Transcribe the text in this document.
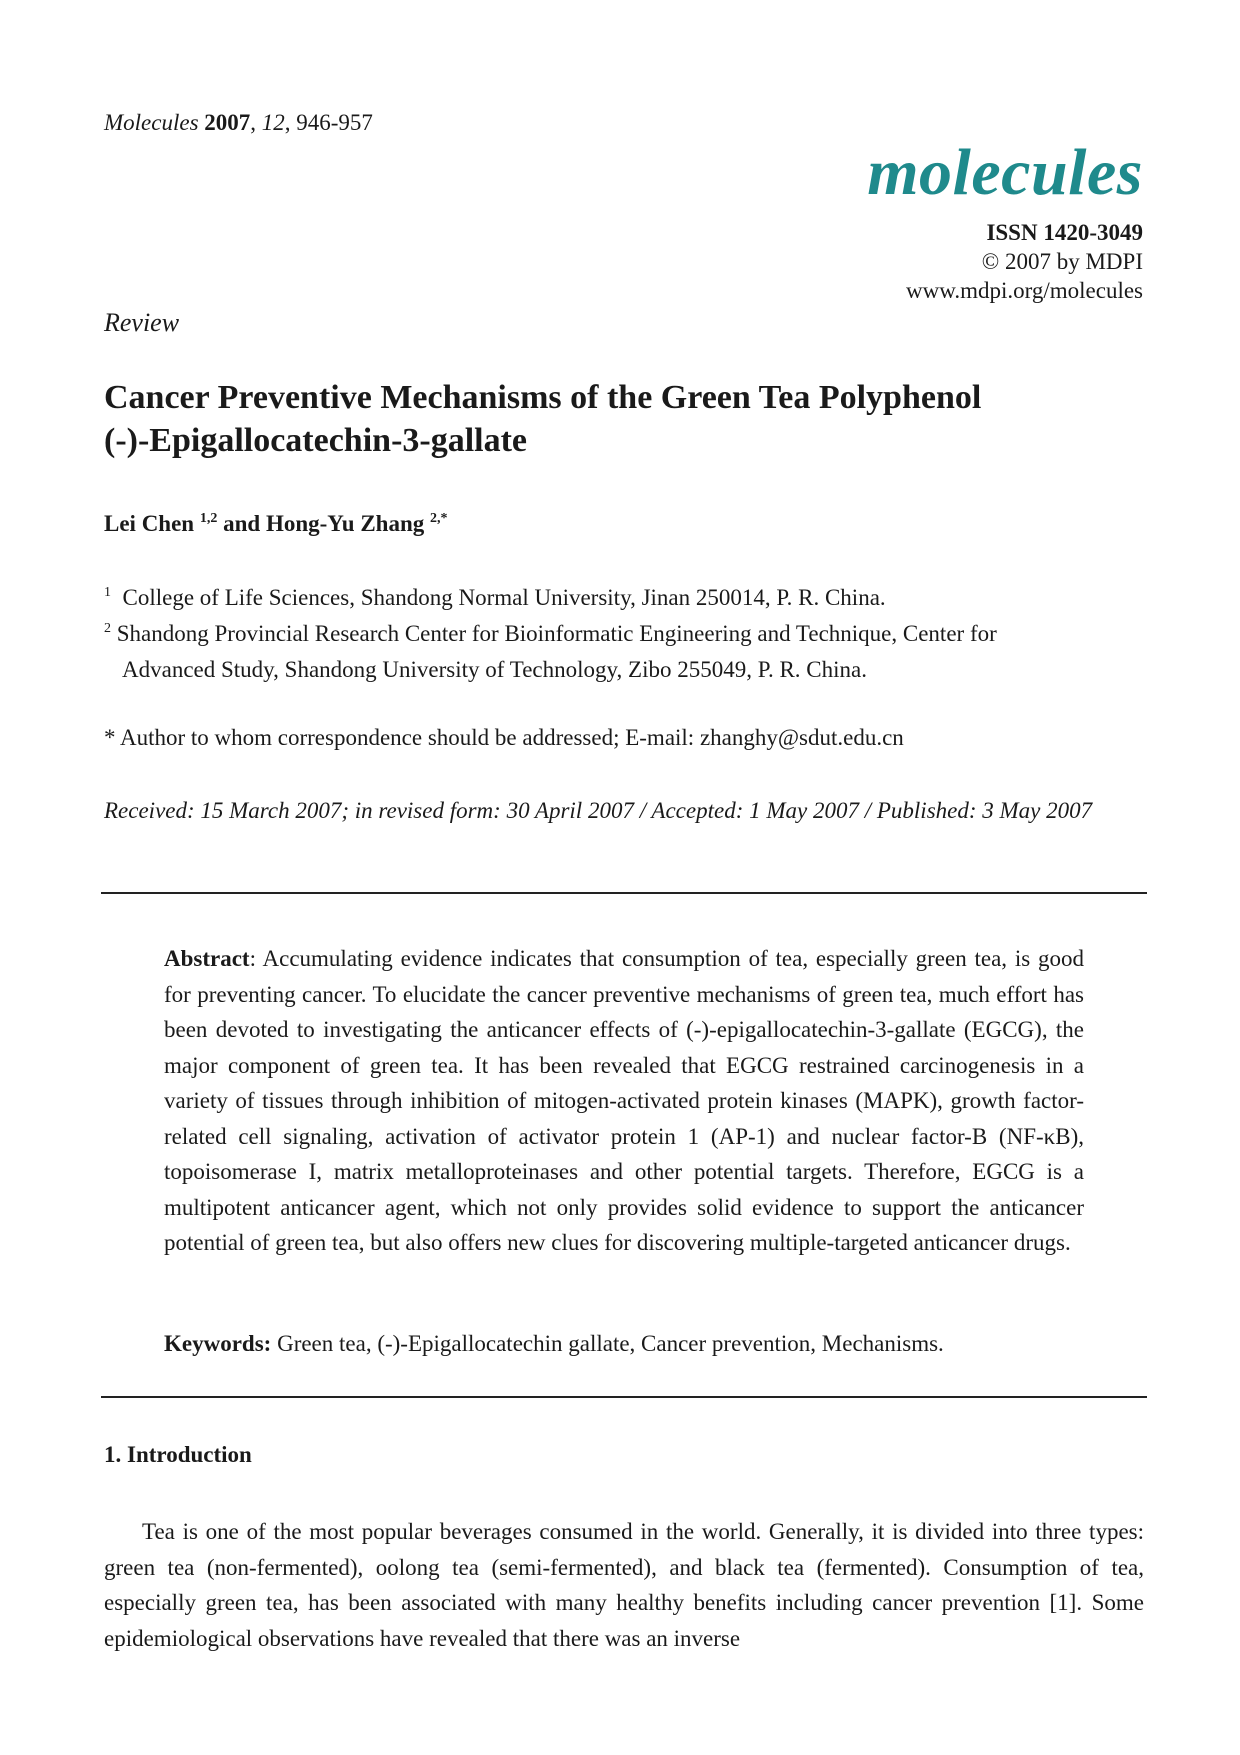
Molecules 2007, 12, 946-957
molecules
ISSN 1420-3049
© 2007 by MDPI
www.mdpi.org/molecules
Review
Cancer Preventive Mechanisms of the Green Tea Polyphenol
(-)-Epigallocatechin-3-gallate
Lei Chen $^{1,2}$ and Hong-Yu Zhang $^{2,*}$
$^1$ College of Life Sciences, Shandong Normal University, Jinan 250014, P. R. China.
$^2$ Shandong Provincial Research Center for Bioinformatic Engineering and Technique, Center for
Advanced Study, Shandong University of Technology, Zibo 255049, P. R. China.
* Author to whom correspondence should be addressed; E-mail: zhanghy@sdut.edu.cn
Received: 15 March 2007; in revised form: 30 April 2007 / Accepted: 1 May 2007 / Published: 3 May 2007
Abstract: Accumulating evidence indicates that consumption of tea, especially green tea, is good for preventing cancer. To elucidate the cancer preventive mechanisms of green tea, much effort has been devoted to investigating the anticancer effects of (-)-epigallocatechin-3-gallate (EGCG), the major component of green tea. It has been revealed that EGCG restrained carcinogenesis in a variety of tissues through inhibition of mitogen-activated protein kinases (MAPK), growth factor-related cell signaling, activation of activator protein 1 (AP-1) and nuclear factor-B (NF-κB), topoisomerase I, matrix metalloproteinases and other potential targets. Therefore, EGCG is a multipotent anticancer agent, which not only provides solid evidence to support the anticancer potential of green tea, but also offers new clues for discovering multiple-targeted anticancer drugs.
Keywords: Green tea, (-)-Epigallocatechin gallate, Cancer prevention, Mechanisms.
1. Introduction
Tea is one of the most popular beverages consumed in the world. Generally, it is divided into three types: green tea (non-fermented), oolong tea (semi-fermented), and black tea (fermented). Consumption of tea, especially green tea, has been associated with many healthy benefits including cancer prevention [1]. Some epidemiological observations have revealed that there was an inverse
